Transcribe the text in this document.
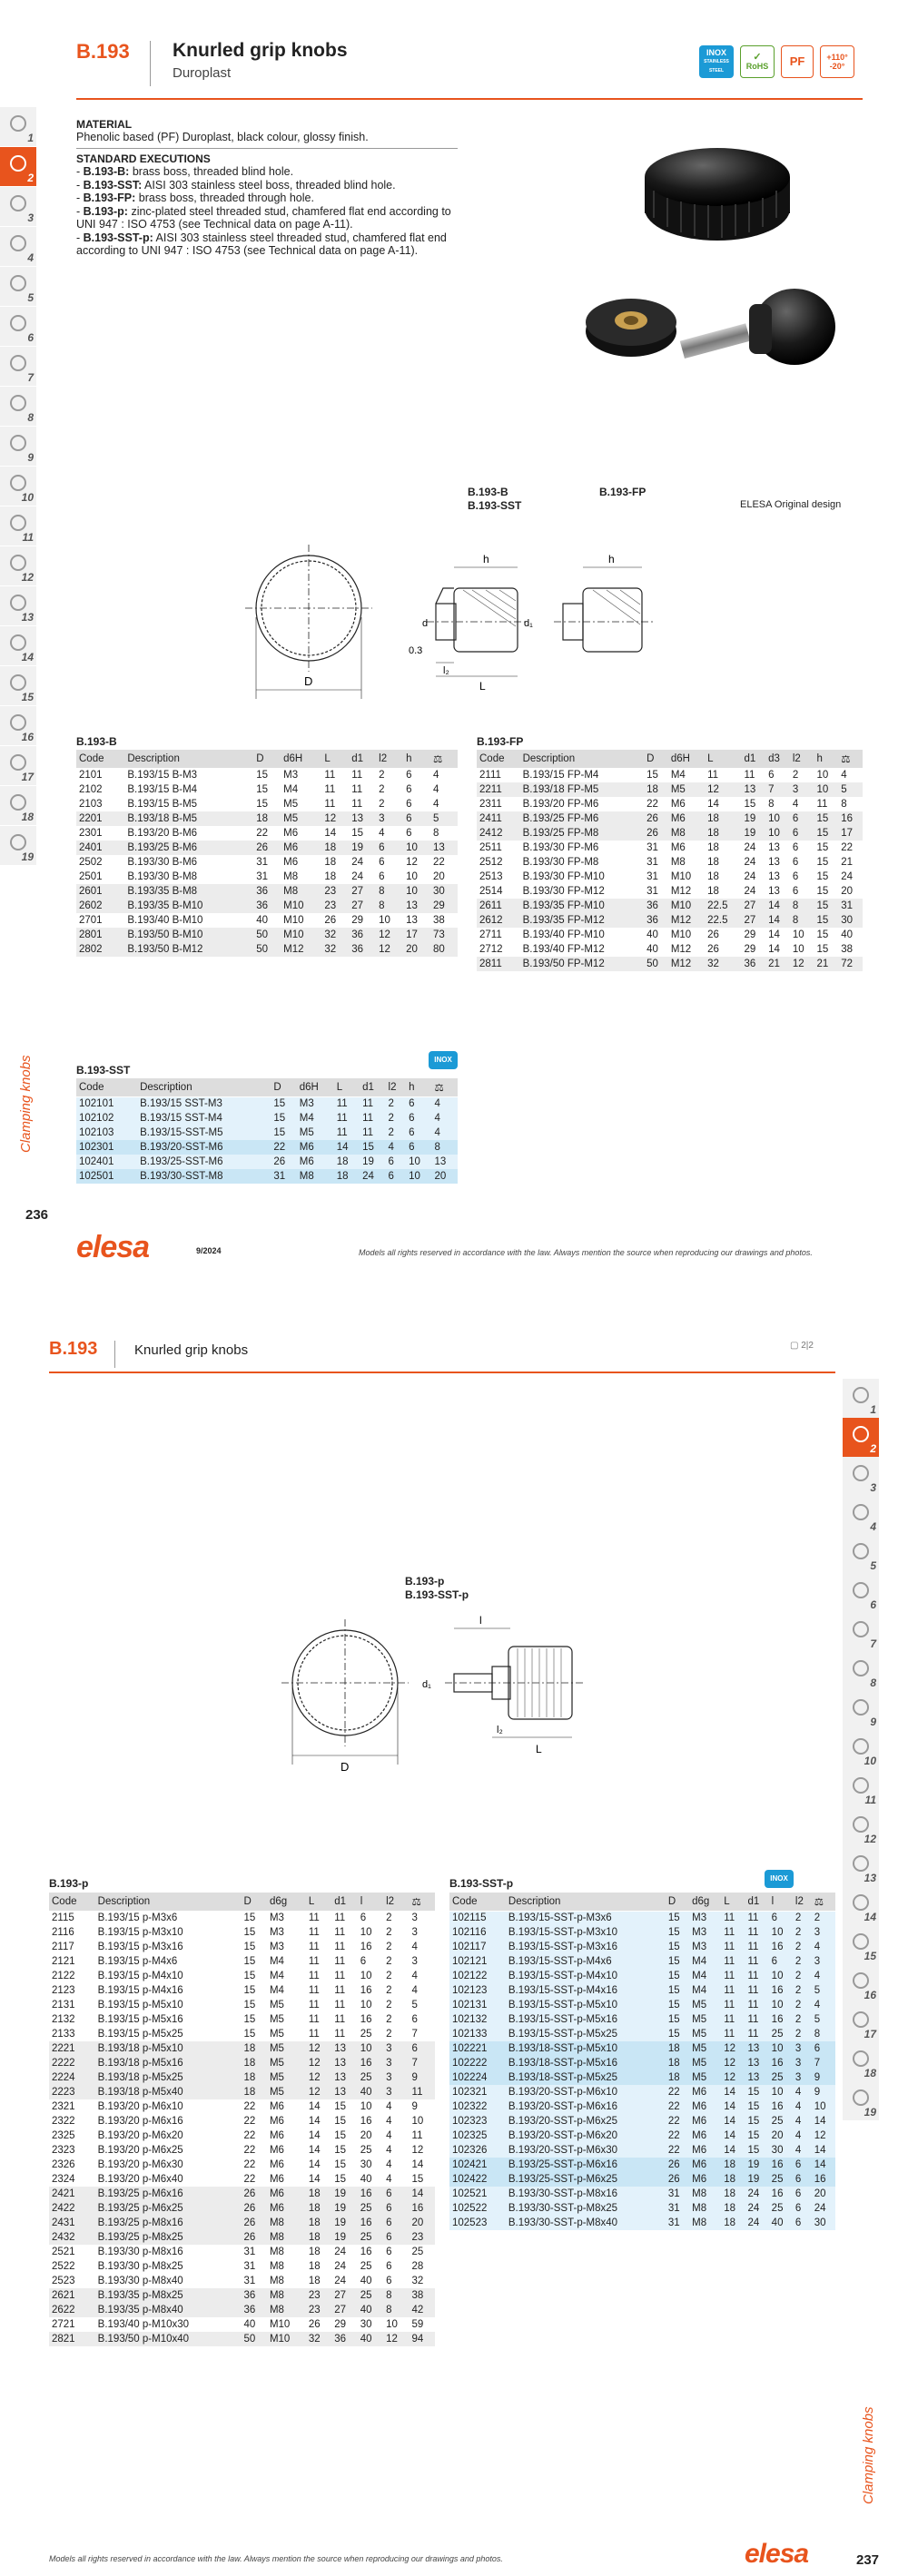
B.193 Knurled grip knobs
Duroplast
INOX
STAINLESS STEEL
✓
RoHS	PF	+110°
-20°
1
2
3
4
5
6
7
8
9
10
11
12
13
14
15
16
17
18
19
Clamping knobs
236
MATERIAL
Phenolic based (PF) Duroplast, black colour, glossy finish.
STANDARD EXECUTIONS
- B.193-B: brass boss, threaded blind hole.
- B.193-SST: AISI 303 stainless steel boss, threaded blind hole.
- B.193-FP: brass boss, threaded through hole.
- B.193-p: zinc-plated steel threaded stud, chamfered flat end according to UNI 947 : ISO 4753 (see Technical data on page A-11).
- B.193-SST-p: AISI 303 stainless steel threaded stud, chamfered flat end according to UNI 947 : ISO 4753 (see Technical data on page A-11).
B.193-B
B.193-SST
B.193-FP
ELESA Original design
h	h
D
d	d₁
L
l₂
0.3
B.193-B
Code	Description	D	d6H	L	d1	l2	h	⚖
2101	B.193/15 B-M3	15	M3	11	11	2	6	4
2102	B.193/15 B-M4	15	M4	11	11	2	6	4
2103	B.193/15 B-M5	15	M5	11	11	2	6	4
2201	B.193/18 B-M5	18	M5	12	13	3	6	5
2301	B.193/20 B-M6	22	M6	14	15	4	6	8
2401	B.193/25 B-M6	26	M6	18	19	6	10	13
2502	B.193/30 B-M6	31	M6	18	24	6	12	22
2501	B.193/30 B-M8	31	M8	18	24	6	10	20
2601	B.193/35 B-M8	36	M8	23	27	8	10	30
2602	B.193/35 B-M10	36	M10	23	27	8	13	29
2701	B.193/40 B-M10	40	M10	26	29	10	13	38
2801	B.193/50 B-M10	50	M10	32	36	12	17	73
2802	B.193/50 B-M12	50	M12	32	36	12	20	80
B.193-FP
Code	Description	D	d6H	L	d1	d3	l2	h	⚖
2111	B.193/15 FP-M4	15	M4	11	11	6	2	10	4
2211	B.193/18 FP-M5	18	M5	12	13	7	3	10	5
2311	B.193/20 FP-M6	22	M6	14	15	8	4	11	8
2411	B.193/25 FP-M6	26	M6	18	19	10	6	15	16
2412	B.193/25 FP-M8	26	M8	18	19	10	6	15	17
2511	B.193/30 FP-M6	31	M6	18	24	13	6	15	22
2512	B.193/30 FP-M8	31	M8	18	24	13	6	15	21
2513	B.193/30 FP-M10	31	M10	18	24	13	6	15	24
2514	B.193/30 FP-M12	31	M12	18	24	13	6	15	20
2611	B.193/35 FP-M10	36	M10	22.5	27	14	8	15	31
2612	B.193/35 FP-M12	36	M12	22.5	27	14	8	15	30
2711	B.193/40 FP-M10	40	M10	26	29	14	10	15	40
2712	B.193/40 FP-M12	40	M12	26	29	14	10	15	38
2811	B.193/50 FP-M12	50	M12	32	36	21	12	21	72
B.193-SST
INOX
Code	Description	D	d6H	L	d1	l2	h	⚖
102101	B.193/15 SST-M3	15	M3	11	11	2	6	4
102102	B.193/15 SST-M4	15	M4	11	11	2	6	4
102103	B.193/15-SST-M5	15	M5	11	11	2	6	4
102301	B.193/20-SST-M6	22	M6	14	15	4	6	8
102401	B.193/25-SST-M6	26	M6	18	19	6	10	13
102501	B.193/30-SST-M8	31	M8	18	24	6	10	20
elesa	9/2024	Models all rights reserved in accordance with the law. Always mention the source when reproducing our drawings and photos.
B.193	Knurled grip knobs	▢ 2|2
1
2
3
4
5
6
7
8
9
10
11
12
13
14
15
16
17
18
19
Clamping knobs
237
B.193-p
B.193-SST-p
l
d₁
D
L
l₂
B.193-p
Code	Description	D	d6g	L	d1	l	l2	⚖
2115	B.193/15 p-M3x6	15	M3	11	11	6	2	3
2116	B.193/15 p-M3x10	15	M3	11	11	10	2	3
2117	B.193/15 p-M3x16	15	M3	11	11	16	2	4
2121	B.193/15 p-M4x6	15	M4	11	11	6	2	3
2122	B.193/15 p-M4x10	15	M4	11	11	10	2	4
2123	B.193/15 p-M4x16	15	M4	11	11	16	2	4
2131	B.193/15 p-M5x10	15	M5	11	11	10	2	5
2132	B.193/15 p-M5x16	15	M5	11	11	16	2	6
2133	B.193/15 p-M5x25	15	M5	11	11	25	2	7
2221	B.193/18 p-M5x10	18	M5	12	13	10	3	6
2222	B.193/18 p-M5x16	18	M5	12	13	16	3	7
2224	B.193/18 p-M5x25	18	M5	12	13	25	3	9
2223	B.193/18 p-M5x40	18	M5	12	13	40	3	11
2321	B.193/20 p-M6x10	22	M6	14	15	10	4	9
2322	B.193/20 p-M6x16	22	M6	14	15	16	4	10
2325	B.193/20 p-M6x20	22	M6	14	15	20	4	11
2323	B.193/20 p-M6x25	22	M6	14	15	25	4	12
2326	B.193/20 p-M6x30	22	M6	14	15	30	4	14
2324	B.193/20 p-M6x40	22	M6	14	15	40	4	15
2421	B.193/25 p-M6x16	26	M6	18	19	16	6	14
2422	B.193/25 p-M6x25	26	M6	18	19	25	6	16
2431	B.193/25 p-M8x16	26	M8	18	19	16	6	20
2432	B.193/25 p-M8x25	26	M8	18	19	25	6	23
2521	B.193/30 p-M8x16	31	M8	18	24	16	6	25
2522	B.193/30 p-M8x25	31	M8	18	24	25	6	28
2523	B.193/30 p-M8x40	31	M8	18	24	40	6	32
2621	B.193/35 p-M8x25	36	M8	23	27	25	8	38
2622	B.193/35 p-M8x40	36	M8	23	27	40	8	42
2721	B.193/40 p-M10x30	40	M10	26	29	30	10	59
2821	B.193/50 p-M10x40	50	M10	32	36	40	12	94
B.193-SST-p	INOX
Code	Description	D	d6g	L	d1	l	l2	⚖
102115	B.193/15-SST-p-M3x6	15	M3	11	11	6	2	2
102116	B.193/15-SST-p-M3x10	15	M3	11	11	10	2	3
102117	B.193/15-SST-p-M3x16	15	M3	11	11	16	2	4
102121	B.193/15-SST-p-M4x6	15	M4	11	11	6	2	3
102122	B.193/15-SST-p-M4x10	15	M4	11	11	10	2	4
102123	B.193/15-SST-p-M4x16	15	M4	11	11	16	2	5
102131	B.193/15-SST-p-M5x10	15	M5	11	11	10	2	4
102132	B.193/15-SST-p-M5x16	15	M5	11	11	16	2	5
102133	B.193/15-SST-p-M5x25	15	M5	11	11	25	2	8
102221	B.193/18-SST-p-M5x10	18	M5	12	13	10	3	6
102222	B.193/18-SST-p-M5x16	18	M5	12	13	16	3	7
102224	B.193/18-SST-p-M5x25	18	M5	12	13	25	3	9
102321	B.193/20-SST-p-M6x10	22	M6	14	15	10	4	9
102322	B.193/20-SST-p-M6x16	22	M6	14	15	16	4	10
102323	B.193/20-SST-p-M6x25	22	M6	14	15	25	4	14
102325	B.193/20-SST-p-M6x20	22	M6	14	15	20	4	12
102326	B.193/20-SST-p-M6x30	22	M6	14	15	30	4	14
102421	B.193/25-SST-p-M6x16	26	M6	18	19	16	6	14
102422	B.193/25-SST-p-M6x25	26	M6	18	19	25	6	16
102521	B.193/30-SST-p-M8x16	31	M8	18	24	16	6	20
102522	B.193/30-SST-p-M8x25	31	M8	18	24	25	6	24
102523	B.193/30-SST-p-M8x40	31	M8	18	24	40	6	30
Models all rights reserved in accordance with the law. Always mention the source when reproducing our drawings and photos.	elesa
